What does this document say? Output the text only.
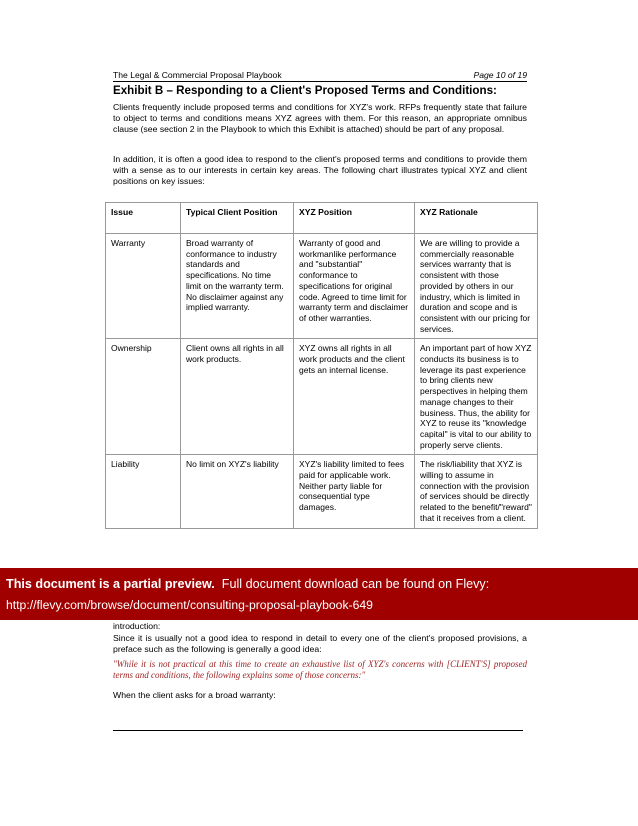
The Legal & Commercial Proposal Playbook	Page 10 of 19
Exhibit B – Responding to a Client's Proposed Terms and Conditions:

Clients frequently include proposed terms and conditions for XYZ's work. RFPs frequently state that failure to object to terms and conditions means XYZ agrees with them. For this reason, an appropriate omnibus clause (see section 2 in the Playbook to which this Exhibit is attached) should be part of any proposal.

In addition, it is often a good idea to respond to the client's proposed terms and conditions to provide them with a sense as to our interests in certain key areas. The following chart illustrates typical XYZ and client positions on key issues:

Issue	Typical Client Position	XYZ Position	XYZ Rationale
Warranty	Broad warranty of conformance to industry standards and specifications. No time limit on the warranty term. No disclaimer against any implied warranty.	Warranty of good and workmanlike performance and "substantial" conformance to specifications for original code. Agreed to time limit for warranty term and disclaimer of other warranties.	We are willing to provide a commercially reasonable services warranty that is consistent with those provided by others in our industry, which is limited in duration and scope and is consistent with our pricing for services.
Ownership	Client owns all rights in all work products.	XYZ owns all rights in all work products and the client gets an internal license.	An important part of how XYZ conducts its business is to leverage its past experience to bring clients new perspectives in helping them manage changes to their business. Thus, the ability for XYZ to reuse its "knowledge capital" is vital to our ability to properly serve clients.
Liability	No limit on XYZ's liability	XYZ's liability limited to fees paid for applicable work. Neither party liable for consequential type damages.	The risk/liability that XYZ is willing to assume in connection with the provision of services should be directly related to the benefit/"reward" that it receives from a client.
This document is a partial preview.  Full document download can be found on Flevy:
http://flevy.com/browse/document/consulting-proposal-playbook-649
introduction:
Since it is usually not a good idea to respond in detail to every one of the client's proposed provisions, a preface such as the following is generally a good idea:
"While it is not practical at this time to create an exhaustive list of XYZ's concerns with [CLIENT'S] proposed terms and conditions, the following explains some of those concerns:"
When the client asks for a broad warranty:
